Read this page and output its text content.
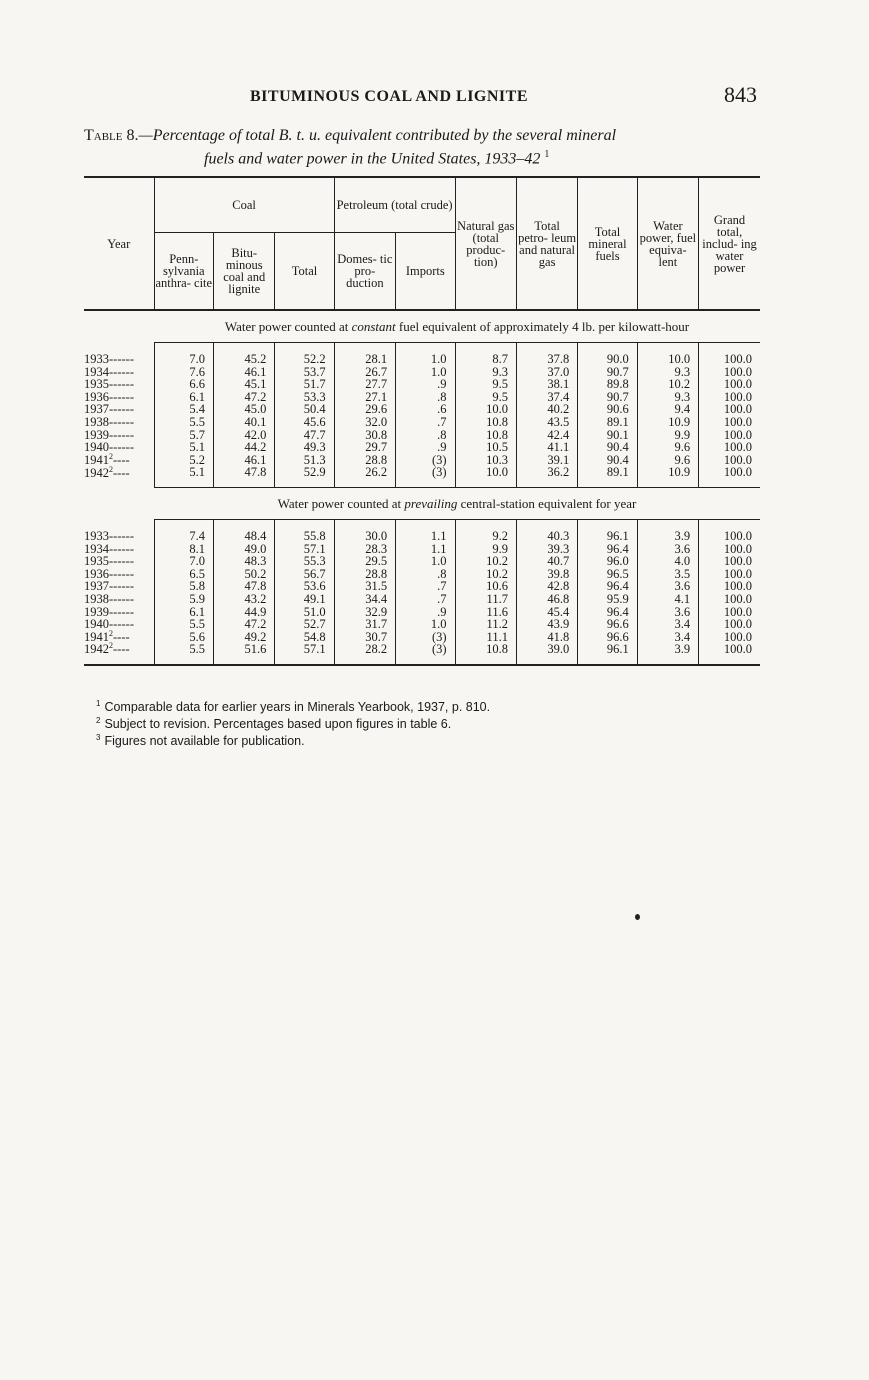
BITUMINOUS COAL AND LIGNITE	843
Table 8.—Percentage of total B. t. u. equivalent contributed by the several mineral
fuels and water power in the United States, 1933–42 $^1$
Year	Coal			Petroleum (total crude)		Natural gas (total produc- tion)	Total petro- leum and natural gas	Total mineral fuels	Water power, fuel equiva- lent	Grand total, includ- ing water power
	Penn- sylvania anthra- cite	Bitu- minous coal and lignite	Total	Domes- tic pro- duction	Imports					
	Water power counted at constant fuel equivalent of approximately 4 lb. per kilowatt-hour									

1933------	7.0	45.2	52.2	28.1	1.0	8.7	37.8	90.0	10.0	100.0
1934------	7.6	46.1	53.7	26.7	1.0	9.3	37.0	90.7	9.3	100.0
1935------	6.6	45.1	51.7	27.7	.9	9.5	38.1	89.8	10.2	100.0
1936------	6.1	47.2	53.3	27.1	.8	9.5	37.4	90.7	9.3	100.0
1937------	5.4	45.0	50.4	29.6	.6	10.0	40.2	90.6	9.4	100.0
1938------	5.5	40.1	45.6	32.0	.7	10.8	43.5	89.1	10.9	100.0
1939------	5.7	42.0	47.7	30.8	.8	10.8	42.4	90.1	9.9	100.0
1940------	5.1	44.2	49.3	29.7	.9	10.5	41.1	90.4	9.6	100.0
1941$^2$----	5.2	46.1	51.3	28.8	(3)	10.3	39.1	90.4	9.6	100.0
1942$^2$----	5.1	47.8	52.9	26.2	(3)	10.0	36.2	89.1	10.9	100.0
	Water power counted at prevailing central-station equivalent for year									

1933------	7.4	48.4	55.8	30.0	1.1	9.2	40.3	96.1	3.9	100.0
1934------	8.1	49.0	57.1	28.3	1.1	9.9	39.3	96.4	3.6	100.0
1935------	7.0	48.3	55.3	29.5	1.0	10.2	40.7	96.0	4.0	100.0
1936------	6.5	50.2	56.7	28.8	.8	10.2	39.8	96.5	3.5	100.0
1937------	5.8	47.8	53.6	31.5	.7	10.6	42.8	96.4	3.6	100.0
1938------	5.9	43.2	49.1	34.4	.7	11.7	46.8	95.9	4.1	100.0
1939------	6.1	44.9	51.0	32.9	.9	11.6	45.4	96.4	3.6	100.0
1940------	5.5	47.2	52.7	31.7	1.0	11.2	43.9	96.6	3.4	100.0
1941$^2$----	5.6	49.2	54.8	30.7	(3)	11.1	41.8	96.6	3.4	100.0
1942$^2$----	5.5	51.6	57.1	28.2	(3)	10.8	39.0	96.1	3.9	100.0

$^1$ Comparable data for earlier years in Minerals Yearbook, 1937, p. 810.
$^2$ Subject to revision. Percentages based upon figures in table 6.
$^3$ Figures not available for publication.
